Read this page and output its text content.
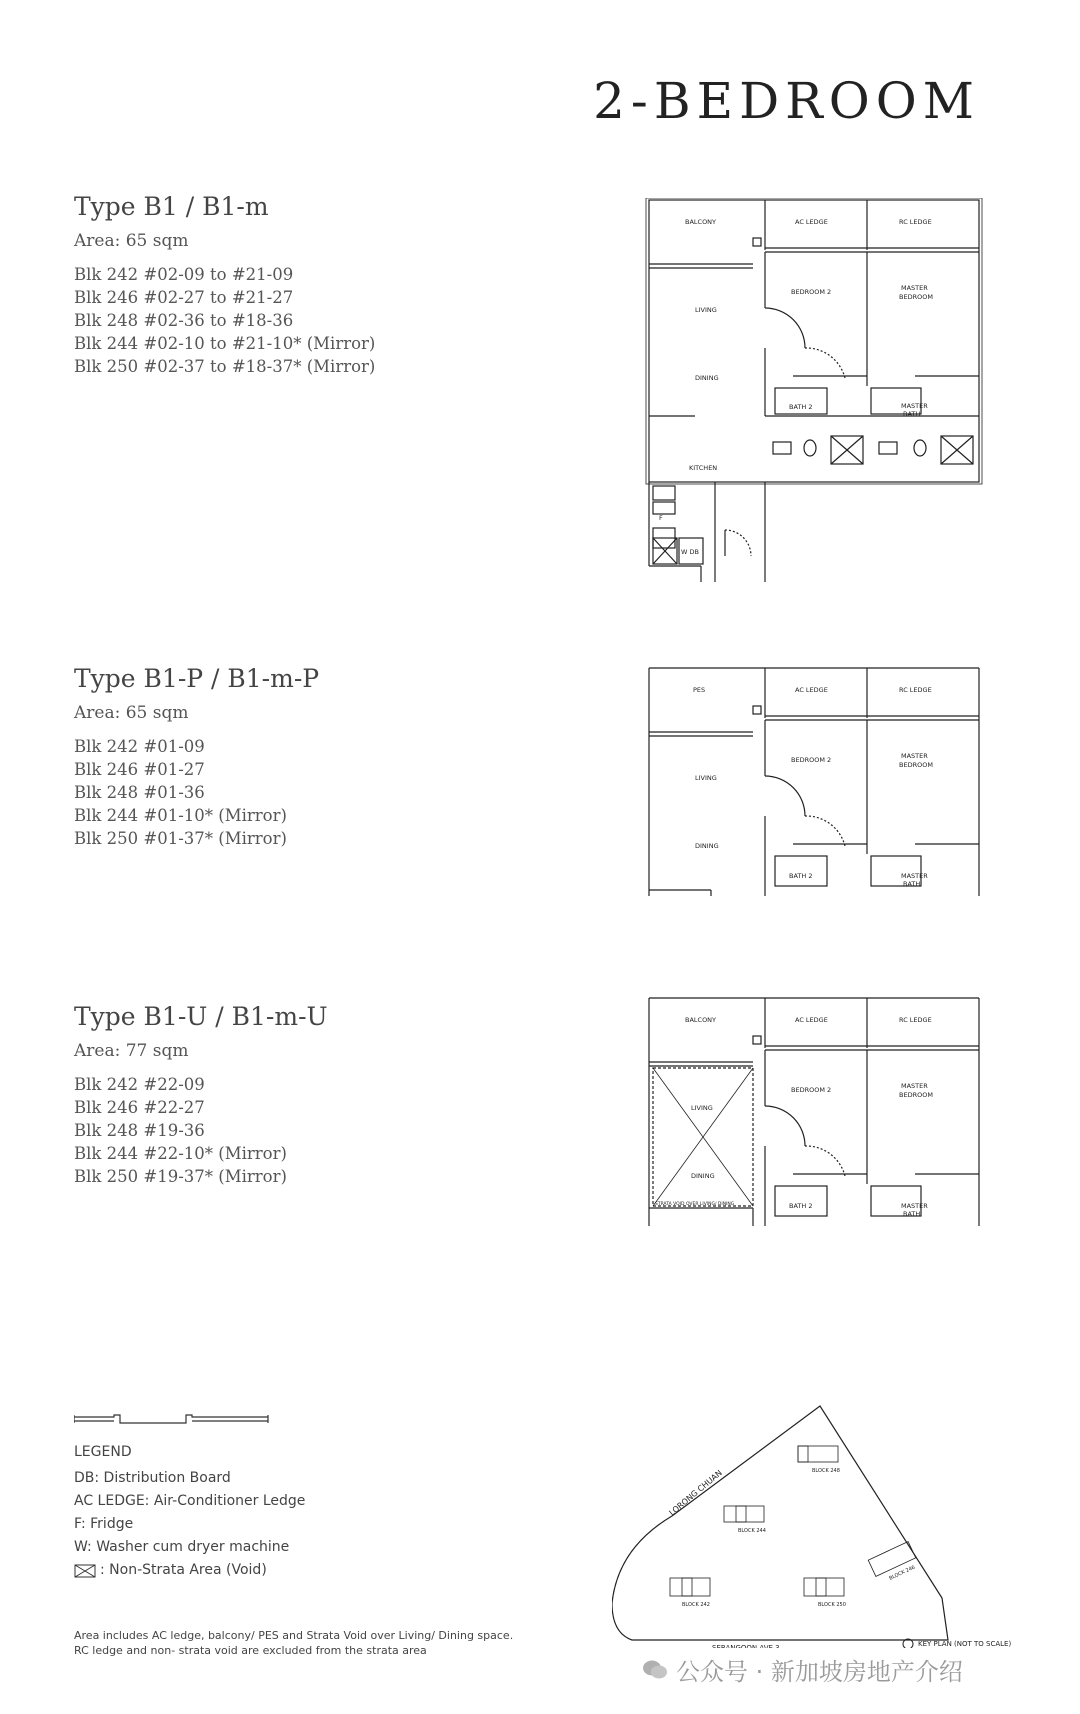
2-BEDROOM
Type B1 / B1-m
Area: 65 sqm
Blk 242 #02-09 to #21-09
Blk 246 #02-27 to #21-27
Blk 248 #02-36 to #18-36
Blk 244 #02-10 to #21-10* (Mirror)
Blk 250 #02-37 to #18-37* (Mirror)
Type B1-P / B1-m-P
Area: 65 sqm
Blk 242 #01-09
Blk 246 #01-27
Blk 248 #01-36
Blk 244 #01-10* (Mirror)
Blk 250 #01-37* (Mirror)
Type B1-U / B1-m-U
Area: 77 sqm
Blk 242 #22-09
Blk 246 #22-27
Blk 248 #19-36
Blk 244 #22-10* (Mirror)
Blk 250 #19-37* (Mirror)
BALCONY	AC LEDGE	RC LEDGE
BEDROOM 2	MASTER
BEDROOM
LIVING
DINING
BATH 2	MASTER
BATH
KITCHEN
F
W DB
PES	AC LEDGE	RC LEDGE
BEDROOM 2	MASTER
BEDROOM
LIVING
DINING
BATH 2	MASTER
BATH
BALCONY	AC LEDGE	RC LEDGE
BEDROOM 2	MASTER
BEDROOM
LIVING
DINING
STRATA VOID OVER LIVING/ DINING	BATH 2	MASTER
BATH
LEGEND
DB: Distribution Board
AC LEDGE: Air-Conditioner Ledge
F: Fridge
W: Washer cum dryer machine
: Non-Strata Area (Void)
Area includes AC ledge, balcony/ PES and Strata Void over Living/ Dining space.
RC ledge and non- strata void are excluded from the strata area
LORONG CHUAN	BLOCK 248
BLOCK 244
BLOCK 242	BLOCK 250
BLOCK 246
SERANGOON AVE 3	KEY PLAN (NOT TO SCALE)
公众号 · 新加坡房地产介绍
